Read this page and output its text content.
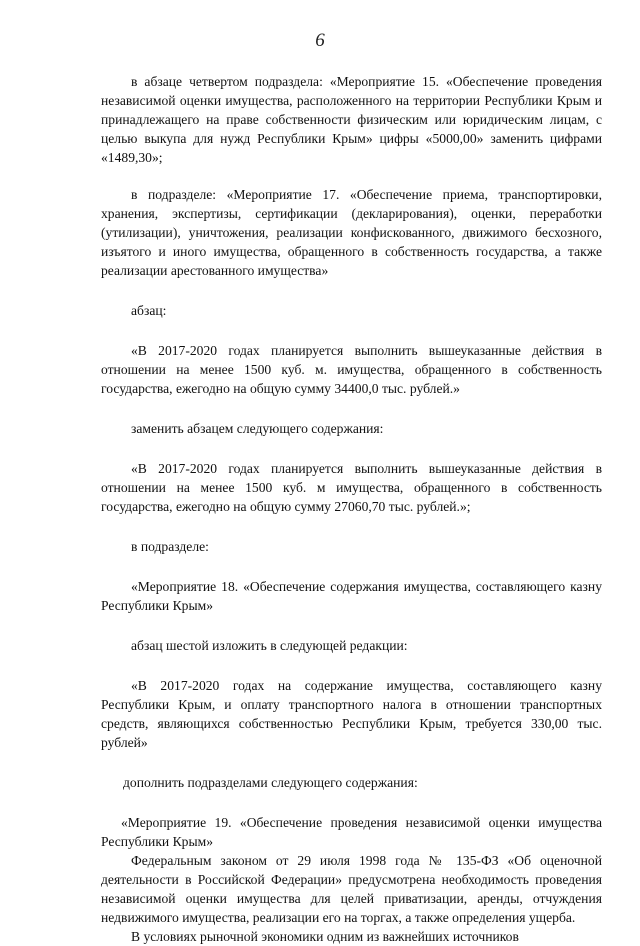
6

в абзаце четвертом подраздела: «Мероприятие 15. «Обеспечение проведения независимой оценки имущества, расположенного на территории Республики Крым и принадлежащего на праве собственности физическим или юридическим лицам, с целью выкупа для нужд Республики Крым» цифры «5000,00» заменить цифрами «1489,30»;

в подразделе: «Мероприятие 17. «Обеспечение приема, транспортировки, хранения, экспертизы, сертификации (декларирования), оценки, переработки (утилизации), уничтожения, реализации конфискованного, движимого бесхозного, изъятого и иного имущества, обращенного в собственность государства, а также реализации арестованного имущества»

абзац:

«В 2017-2020 годах планируется выполнить вышеуказанные действия в отношении на менее 1500 куб. м. имущества, обращенного в собственность государства, ежегодно на общую сумму 34400,0 тыс. рублей.»

заменить абзацем следующего содержания:

«В 2017-2020 годах планируется выполнить вышеуказанные действия в отношении на менее 1500 куб. м имущества, обращенного в собственность государства, ежегодно на общую сумму 27060,70 тыс. рублей.»;

в подразделе:

«Мероприятие 18. «Обеспечение содержания имущества, составляющего казну Республики Крым»

абзац шестой изложить в следующей редакции:

«В 2017-2020 годах на содержание имущества, составляющего казну Республики Крым, и оплату транспортного налога в отношении транспортных средств, являющихся собственностью Республики Крым, требуется 330,00 тыс. рублей»

дополнить подразделами следующего содержания:

«Мероприятие 19. «Обеспечение проведения независимой оценки имущества Республики Крым»

Федеральным законом от 29 июля 1998 года № 135-ФЗ «Об оценочной деятельности в Российской Федерации» предусмотрена необходимость проведения независимой оценки имущества для целей приватизации, аренды, отчуждения недвижимого имущества, реализации его на торгах, а также определения ущерба.

В условиях рыночной экономики одним из важнейших источников
